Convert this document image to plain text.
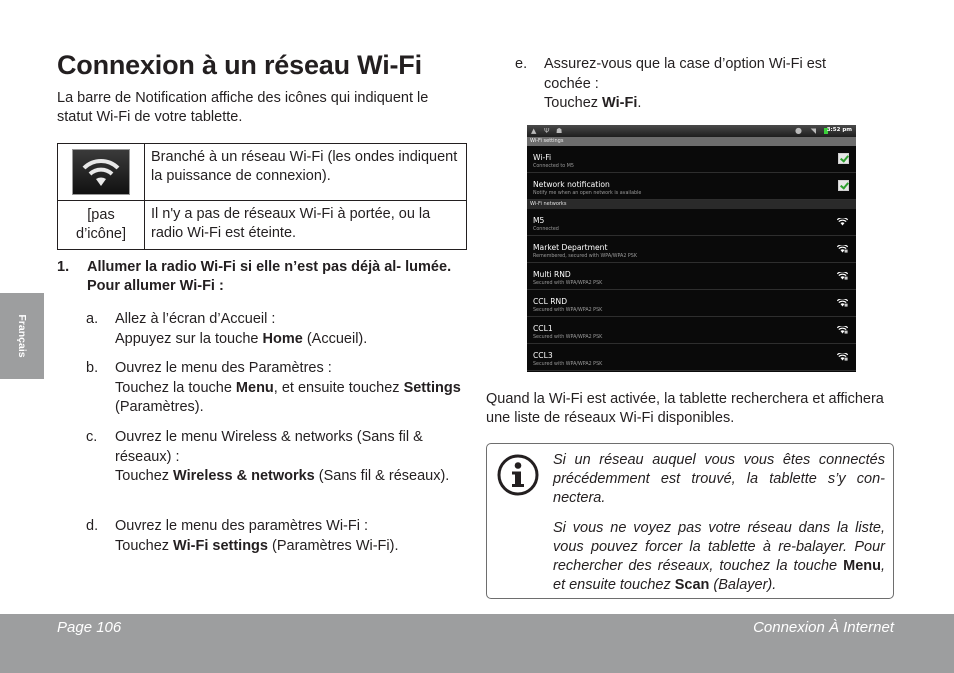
Connexion à un réseau Wi-Fi

La barre de Notification affiche des icônes qui indiquent le statut Wi-Fi de votre tablette.

	Branché à un réseau Wi-Fi (les ondes indiquent la puissance de connexion).
[pas d’icône]	Il n'y a pas de réseaux Wi-Fi à portée, ou la radio Wi-Fi est éteinte.
1.	Allumer la radio Wi-Fi si elle n’est pas déjà al- lumée. Pour allumer Wi-Fi :
Français	a.	Allez à l’écran d’Accueil :
Appuyez sur la touche Home (Accueil).

b.	Ouvrez le menu des Paramètres :
Touchez la touche Menu, et ensuite touchez Settings (Paramètres).

c.	Ouvrez le menu Wireless & networks (Sans fil & réseaux) :
Touchez Wireless & networks (Sans fil & réseaux).

d.	Ouvrez le menu des paramètres Wi-Fi :
Touchez Wi-Fi settings (Paramètres Wi-Fi).

e.	Assurez-vous que la case d’option Wi-Fi est cochée :
Touchez Wi-Fi.

▲ Ψ ☗	● ◥ 3:52 pm
Wi-Fi settings
Wi-Fi
Connected to M5
Network notification
Notify me when an open network is available
Wi-Fi networks
M5
Connected
Market Department
Remembered, secured with WPA/WPA2 PSK
Multi RND
Secured with WPA/WPA2 PSK
CCL RND
Secured with WPA/WPA2 PSK
CCL1
Secured with WPA/WPA2 PSK
CCL3
Secured with WPA/WPA2 PSK

Quand la Wi-Fi est activée, la tablette recherchera et affichera une liste de réseaux Wi-Fi disponibles.

Si un réseau auquel vous vous êtes connectés précédemment est trouvé, la tablette s’y con- nectera.

Si vous ne voyez pas votre réseau dans la liste, vous pouvez forcer la tablette à re-balayer. Pour rechercher des réseaux, touchez la touche Menu, et ensuite touchez Scan (Balayer).

Page 106	Connexion À Internet
